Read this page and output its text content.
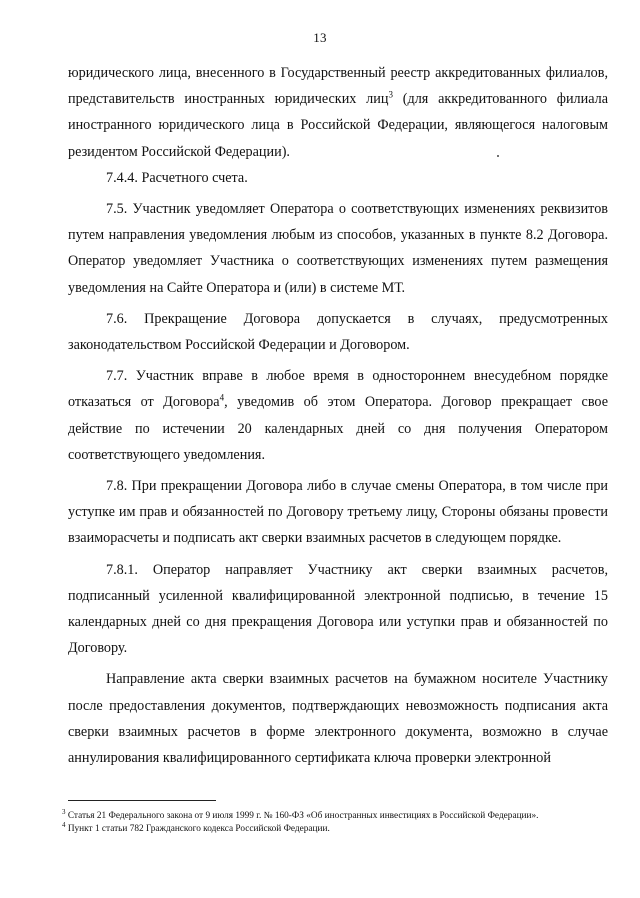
13

юридического лица, внесенного в Государственный реестр аккредитованных филиалов, представительств иностранных юридических лиц$^3$ (для аккредитованного филиала иностранного юридического лица в Российской Федерации, являющегося налоговым резидентом Российской Федерации).

7.4.4. Расчетного счета.

7.5. Участник уведомляет Оператора о соответствующих изменениях реквизитов путем направления уведомления любым из способов, указанных в пункте 8.2 Договора. Оператор уведомляет Участника о соответствующих изменениях путем размещения уведомления на Сайте Оператора и (или) в системе МТ.

7.6. Прекращение Договора допускается в случаях, предусмотренных законодательством Российской Федерации и Договором.

7.7. Участник вправе в любое время в одностороннем внесудебном порядке отказаться от Договора$^4$, уведомив об этом Оператора. Договор прекращает свое действие по истечении 20 календарных дней со дня получения Оператором соответствующего уведомления.

7.8. При прекращении Договора либо в случае смены Оператора, в том числе при уступке им прав и обязанностей по Договору третьему лицу, Стороны обязаны провести взаиморасчеты и подписать акт сверки взаимных расчетов в следующем порядке.

7.8.1. Оператор направляет Участнику акт сверки взаимных расчетов, подписанный усиленной квалифицированной электронной подписью, в течение 15 календарных дней со дня прекращения Договора или уступки прав и обязанностей по Договору.

Направление акта сверки взаимных расчетов на бумажном носителе Участнику после предоставления документов, подтверждающих невозможность подписания акта сверки взаимных расчетов в форме электронного документа, возможно в случае аннулирования квалифицированного сертификата ключа проверки электронной

$^3$ Статья 21 Федерального закона от 9 июля 1999 г. № 160-ФЗ «Об иностранных инвестициях в Российской Федерации».

$^4$ Пункт 1 статьи 782 Гражданского кодекса Российской Федерации.
